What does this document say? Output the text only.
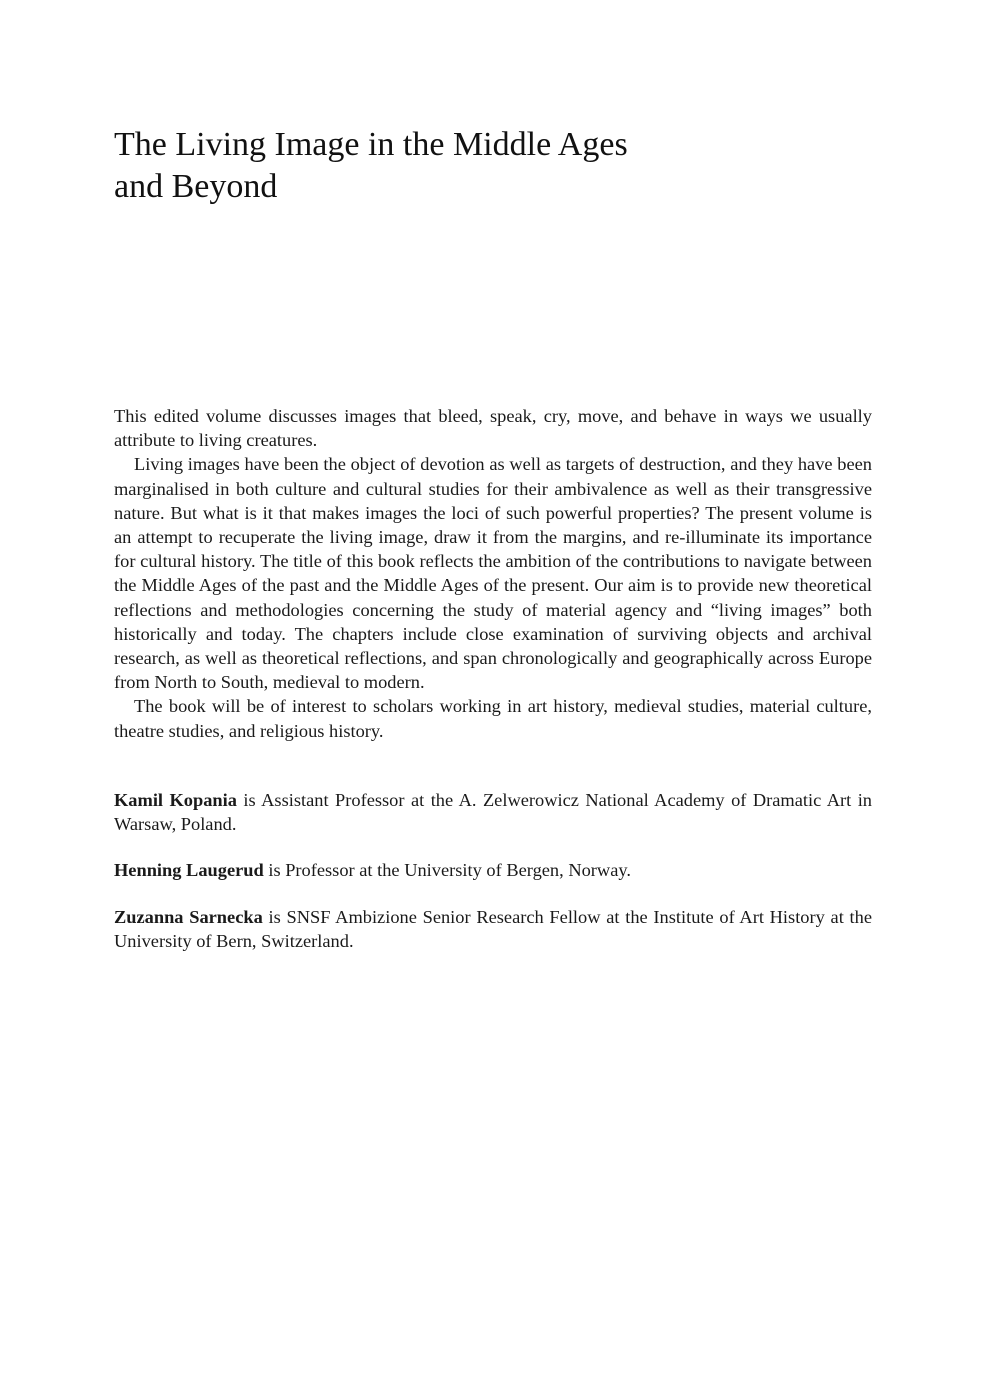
The Living Image in the Middle Ages
and Beyond

This edited volume discusses images that bleed, speak, cry, move, and behave in ways we usually attribute to living creatures.

Living images have been the object of devotion as well as targets of destruction, and they have been marginalised in both culture and cultural studies for their ambivalence as well as their transgressive nature. But what is it that makes images the loci of such powerful properties? The present volume is an attempt to recuperate the living image, draw it from the margins, and re-illuminate its importance for cultural history. The title of this book reflects the ambition of the contributions to navigate between the Middle Ages of the past and the Middle Ages of the present. Our aim is to provide new theoretical reflections and methodologies concerning the study of material agency and “living images” both historically and today. The chapters include close examination of surviving objects and archival research, as well as theoretical reflections, and span chronologically and geographically across Europe from North to South, medieval to modern.

The book will be of interest to scholars working in art history, medieval studies, material culture, theatre studies, and religious history.

Kamil Kopania is Assistant Professor at the A. Zelwerowicz National Academy of Dramatic Art in Warsaw, Poland.

Henning Laugerud is Professor at the University of Bergen, Norway.

Zuzanna Sarnecka is SNSF Ambizione Senior Research Fellow at the Institute of Art History at the University of Bern, Switzerland.
